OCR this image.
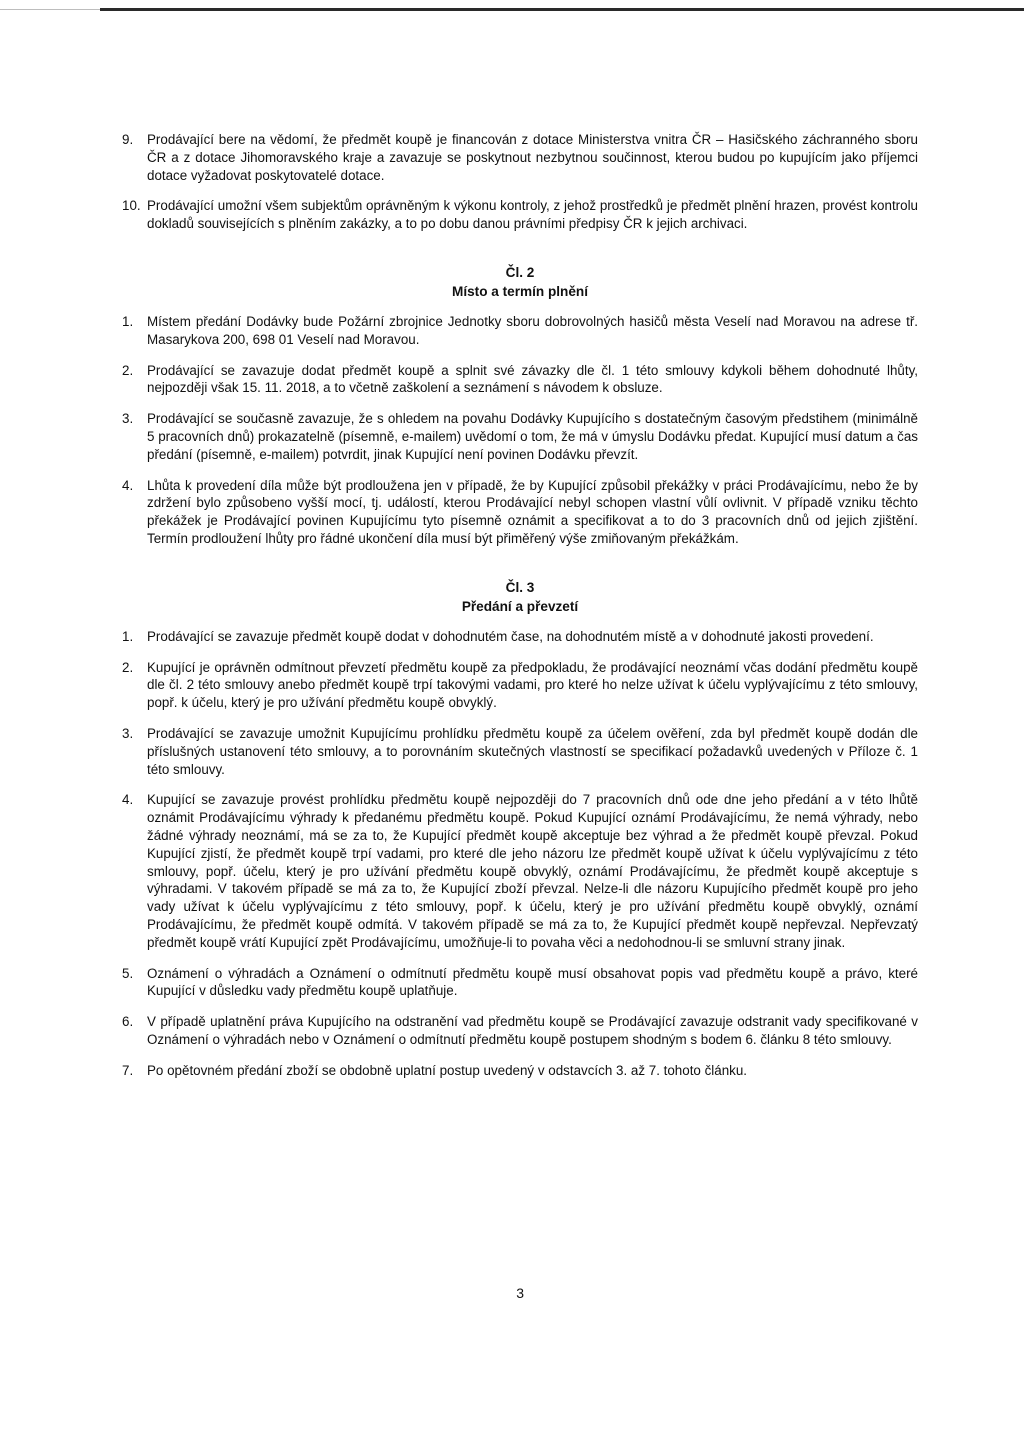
9.	Prodávající bere na vědomí, že předmět koupě je financován z dotace Ministerstva vnitra ČR – Hasičského záchranného sboru ČR a z dotace Jihomoravského kraje a zavazuje se poskytnout nezbytnou součinnost, kterou budou po kupujícím jako příjemci dotace vyžadovat poskytovatelé dotace.
10. Prodávající umožní všem subjektům oprávněným k výkonu kontroly, z jehož prostředků je předmět plnění hrazen, provést kontrolu dokladů souvisejících s plněním zakázky, a to po dobu danou právními předpisy ČR k jejich archivaci.
Čl. 2
Místo a termín plnění
1.	Místem předání Dodávky bude Požární zbrojnice Jednotky sboru dobrovolných hasičů města Veselí nad Moravou na adrese tř. Masarykova 200, 698 01 Veselí nad Moravou.
2.	Prodávající se zavazuje dodat předmět koupě a splnit své závazky dle čl. 1 této smlouvy kdykoli během dohodnuté lhůty, nejpozději však 15. 11. 2018, a to včetně zaškolení a seznámení s návodem k obsluze.
3.	Prodávající se současně zavazuje, že s ohledem na povahu Dodávky Kupujícího s dostatečným časovým předstihem (minimálně 5 pracovních dnů) prokazatelně (písemně, e-mailem) uvědomí o tom, že má v úmyslu Dodávku předat. Kupující musí datum a čas předání (písemně, e-mailem) potvrdit, jinak Kupující není povinen Dodávku převzít.
4.	Lhůta k provedení díla může být prodloužena jen v případě, že by Kupující způsobil překážky v práci Prodávajícímu, nebo že by zdržení bylo způsobeno vyšší mocí, tj. událostí, kterou Prodávající nebyl schopen vlastní vůlí ovlivnit. V případě vzniku těchto překážek je Prodávající povinen Kupujícímu tyto písemně oznámit a specifikovat a to do 3 pracovních dnů od jejich zjištění. Termín prodloužení lhůty pro řádné ukončení díla musí být přiměřený výše zmiňovaným překážkám.
Čl. 3
Předání a převzetí
1.	Prodávající se zavazuje předmět koupě dodat v dohodnutém čase, na dohodnutém místě a v dohodnuté jakosti provedení.
2.	Kupující je oprávněn odmítnout převzetí předmětu koupě za předpokladu, že prodávající neoznámí včas dodání předmětu koupě dle čl. 2 této smlouvy anebo předmět koupě trpí takovými vadami, pro které ho nelze užívat k účelu vyplývajícímu z této smlouvy, popř. k účelu, který je pro užívání předmětu koupě obvyklý.
3.	Prodávající se zavazuje umožnit Kupujícímu prohlídku předmětu koupě za účelem ověření, zda byl předmět koupě dodán dle příslušných ustanovení této smlouvy, a to porovnáním skutečných vlastností se specifikací požadavků uvedených v Příloze č. 1 této smlouvy.
4.	Kupující se zavazuje provést prohlídku předmětu koupě nejpozději do 7 pracovních dnů ode dne jeho předání a v této lhůtě oznámit Prodávajícímu výhrady k předanému předmětu koupě. Pokud Kupující oznámí Prodávajícímu, že nemá výhrady, nebo žádné výhrady neoznámí, má se za to, že Kupující předmět koupě akceptuje bez výhrad a že předmět koupě převzal. Pokud Kupující zjistí, že předmět koupě trpí vadami, pro které dle jeho názoru lze předmět koupě užívat k účelu vyplývajícímu z této smlouvy, popř. účelu, který je pro užívání předmětu koupě obvyklý, oznámí Prodávajícímu, že předmět koupě akceptuje s výhradami. V takovém případě se má za to, že Kupující zboží převzal. Nelze-li dle názoru Kupujícího předmět koupě pro jeho vady užívat k účelu vyplývajícímu z této smlouvy, popř. k účelu, který je pro užívání předmětu koupě obvyklý, oznámí Prodávajícímu, že předmět koupě odmítá. V takovém případě se má za to, že Kupující předmět koupě nepřevzal. Nepřevzatý předmět koupě vrátí Kupující zpět Prodávajícímu, umožňuje-li to povaha věci a nedohodnou-li se smluvní strany jinak.
5.	Oznámení o výhradách a Oznámení o odmítnutí předmětu koupě musí obsahovat popis vad předmětu koupě a právo, které Kupující v důsledku vady předmětu koupě uplatňuje.
6.	V případě uplatnění práva Kupujícího na odstranění vad předmětu koupě se Prodávající zavazuje odstranit vady specifikované v Oznámení o výhradách nebo v Oznámení o odmítnutí předmětu koupě postupem shodným s bodem 6. článku 8 této smlouvy.
7.	Po opětovném předání zboží se obdobně uplatní postup uvedený v odstavcích 3. až 7. tohoto článku.
3
